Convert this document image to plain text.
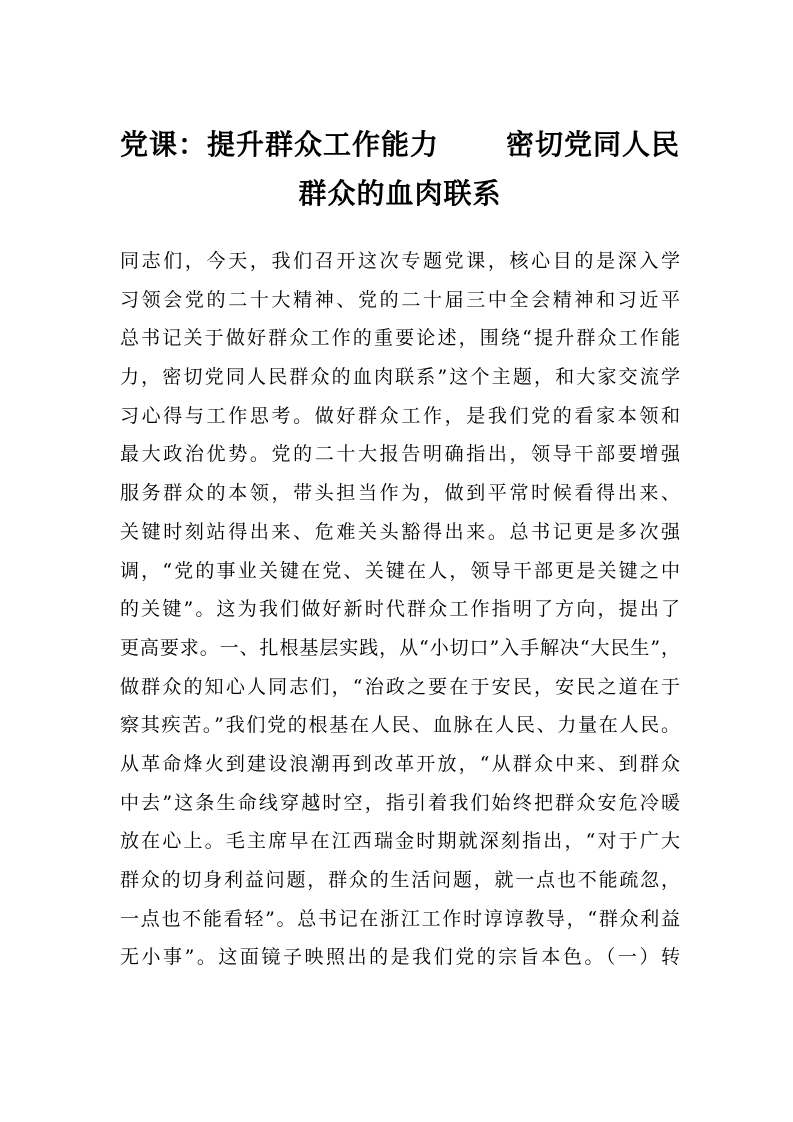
党课：提升群众工作能力 密切党同人民
群众的血肉联系
同志们，今天，我们召开这次专题党课，核心目的是深入学
习领会党的二十大精神、党的二十届三中全会精神和习近平
总书记关于做好群众工作的重要论述，围绕“提升群众工作能
力，密切党同人民群众的血肉联系”这个主题，和大家交流学
习心得与工作思考。做好群众工作，是我们党的看家本领和
最大政治优势。党的二十大报告明确指出，领导干部要增强
服务群众的本领，带头担当作为，做到平常时候看得出来、
关键时刻站得出来、危难关头豁得出来。总书记更是多次强
调，“党的事业关键在党、关键在人，领导干部更是关键之中
的关键”。这为我们做好新时代群众工作指明了方向，提出了
更高要求。一、扎根基层实践，从“小切口”入手解决“大民生”，
做群众的知心人同志们，“治政之要在于安民，安民之道在于
察其疾苦。”我们党的根基在人民、血脉在人民、力量在人民。
从革命烽火到建设浪潮再到改革开放，“从群众中来、到群众
中去”这条生命线穿越时空，指引着我们始终把群众安危冷暖
放在心上。毛主席早在江西瑞金时期就深刻指出，“对于广大
群众的切身利益问题，群众的生活问题，就一点也不能疏忽，
一点也不能看轻”。总书记在浙江工作时谆谆教导，“群众利益
无小事”。这面镜子映照出的是我们党的宗旨本色。（一）转
